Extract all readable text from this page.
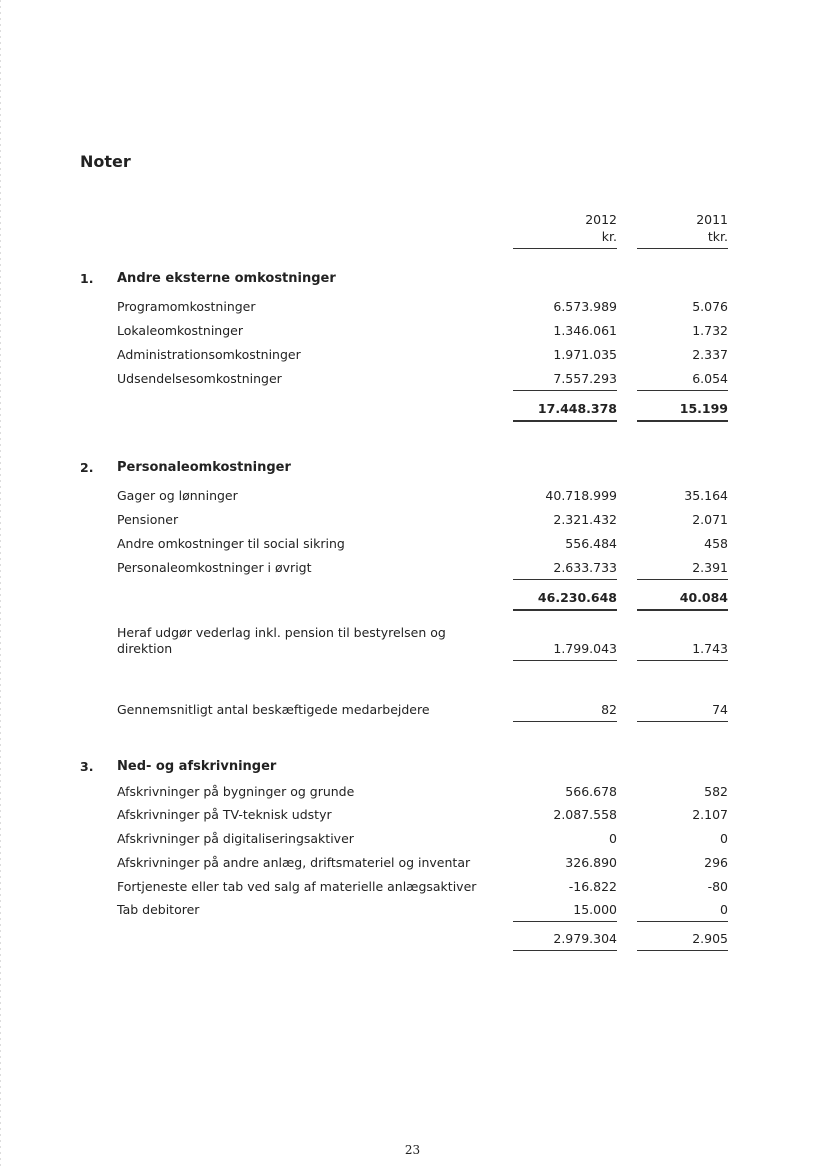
Noter
2012	2011
kr.	tkr.
1. Andre eksterne omkostninger
Programomkostninger	6.573.989	5.076
Lokaleomkostninger	1.346.061	1.732
Administrationsomkostninger	1.971.035	2.337
Udsendelsesomkostninger	7.557.293	6.054
17.448.378	15.199
2. Personaleomkostninger
Gager og lønninger	40.718.999	35.164
Pensioner	2.321.432	2.071
Andre omkostninger til social sikring	556.484	458
Personaleomkostninger i øvrigt	2.633.733	2.391
46.230.648	40.084
Heraf udgør vederlag inkl. pension til bestyrelsen og
direktion	1.799.043	1.743
Gennemsnitligt antal beskæftigede medarbejdere	82	74
3. Ned- og afskrivninger
Afskrivninger på bygninger og grunde	566.678	582
Afskrivninger på TV-teknisk udstyr	2.087.558	2.107
Afskrivninger på digitaliseringsaktiver	0	0
Afskrivninger på andre anlæg, driftsmateriel og inventar	326.890	296
Fortjeneste eller tab ved salg af materielle anlægsaktiver	-16.822	-80
Tab debitorer	15.000	0
2.979.304	2.905
23
